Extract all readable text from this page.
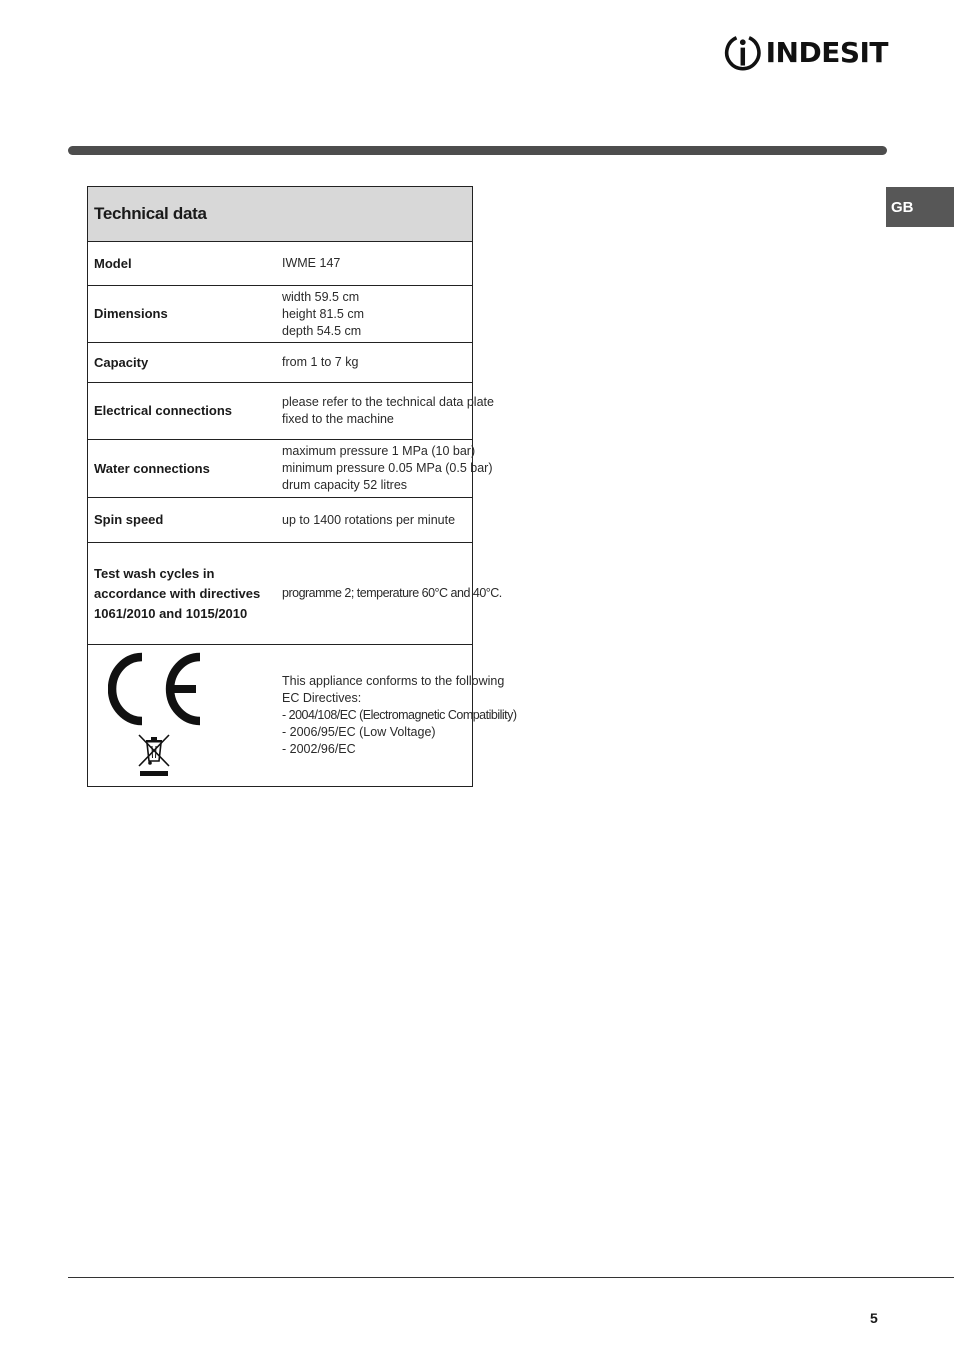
INDESIT
GB
Technical data	
Model	IWME 147

Dimensions	width 59.5 cm
height 81.5 cm
depth 54.5 cm

Capacity	from 1 to 7 kg

Electrical connections	please refer to the technical data plate
fixed to the machine

Water connections	maximum pressure 1 MPa (10 bar)
minimum pressure 0.05 MPa (0.5 bar)
drum capacity 52 litres

Spin speed	up to 1400 rotations per minute

Test wash cycles in accordance with directives 1061/2010 and 1015/2010	programme 2; temperature 60°C and 40°C.

This appliance conforms to the following
EC Directives:
- 2004/108/EC (Electromagnetic Compatibility)
- 2006/95/EC (Low Voltage)
- 2002/96/EC
5
